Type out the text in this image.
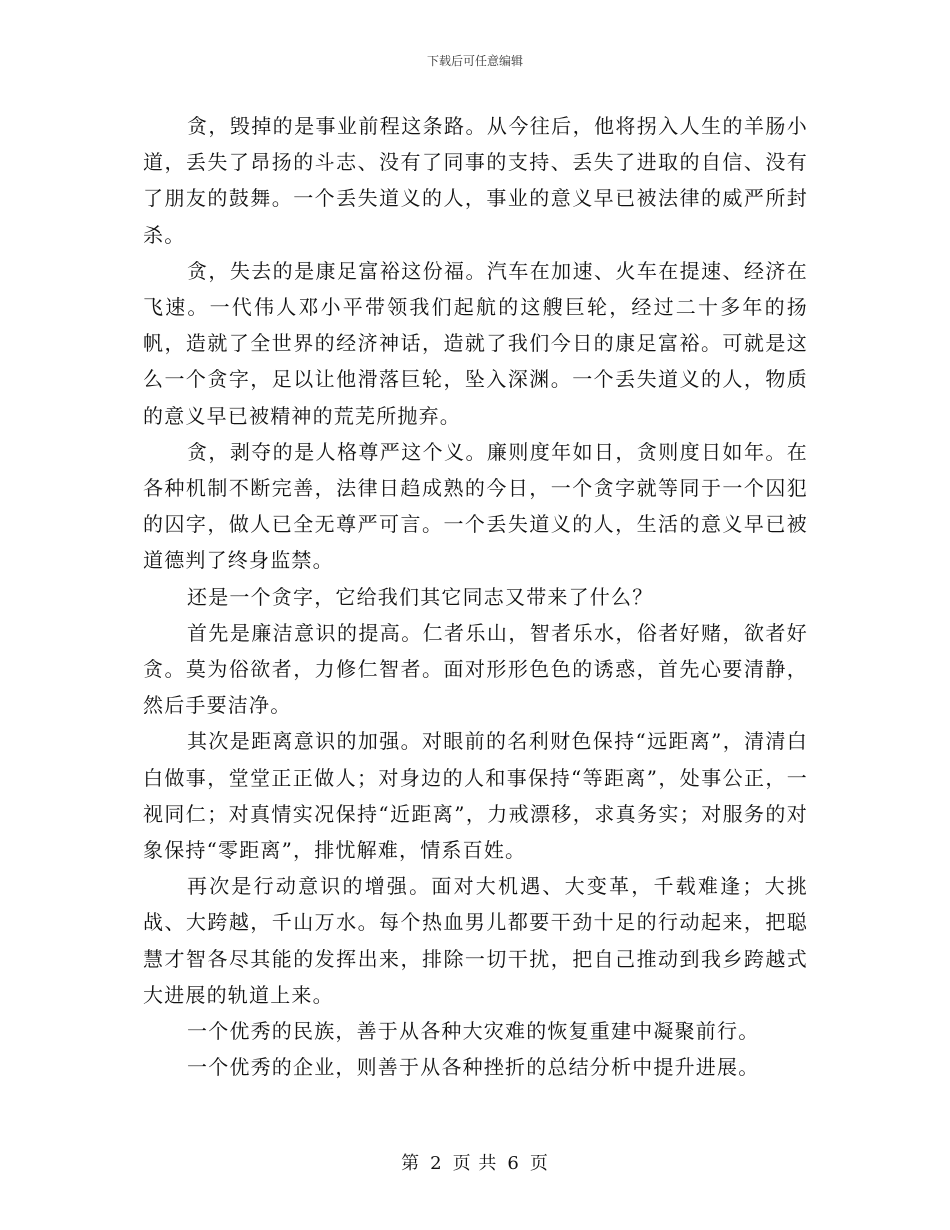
下载后可任意编辑

贪，毁掉的是事业前程这条路。从今往后，他将拐入人生的羊肠小道，丢失了昂扬的斗志、没有了同事的支持、丢失了进取的自信、没有了朋友的鼓舞。一个丢失道义的人，事业的意义早已被法律的威严所封杀。

贪，失去的是康足富裕这份福。汽车在加速、火车在提速、经济在飞速。一代伟人邓小平带领我们起航的这艘巨轮，经过二十多年的扬帆，造就了全世界的经济神话，造就了我们今日的康足富裕。可就是这么一个贪字，足以让他滑落巨轮，坠入深渊。一个丢失道义的人，物质的意义早已被精神的荒芜所抛弃。

贪，剥夺的是人格尊严这个义。廉则度年如日，贪则度日如年。在各种机制不断完善，法律日趋成熟的今日，一个贪字就等同于一个囚犯的囚字，做人已全无尊严可言。一个丢失道义的人，生活的意义早已被道德判了终身监禁。

还是一个贪字，它给我们其它同志又带来了什么？

首先是廉洁意识的提高。仁者乐山，智者乐水，俗者好赌，欲者好贪。莫为俗欲者，力修仁智者。面对形形色色的诱惑，首先心要清静，然后手要洁净。

其次是距离意识的加强。对眼前的名利财色保持“远距离”，清清白白做事，堂堂正正做人；对身边的人和事保持“等距离”，处事公正，一视同仁；对真情实况保持“近距离”，力戒漂移，求真务实；对服务的对象保持“零距离”，排忧解难，情系百姓。

再次是行动意识的增强。面对大机遇、大变革，千载难逢；大挑战、大跨越，千山万水。每个热血男儿都要干劲十足的行动起来，把聪慧才智各尽其能的发挥出来，排除一切干扰，把自己推动到我乡跨越式大进展的轨道上来。

一个优秀的民族，善于从各种大灾难的恢复重建中凝聚前行。

一个优秀的企业，则善于从各种挫折的总结分析中提升进展。

第 2 页 共 6 页
